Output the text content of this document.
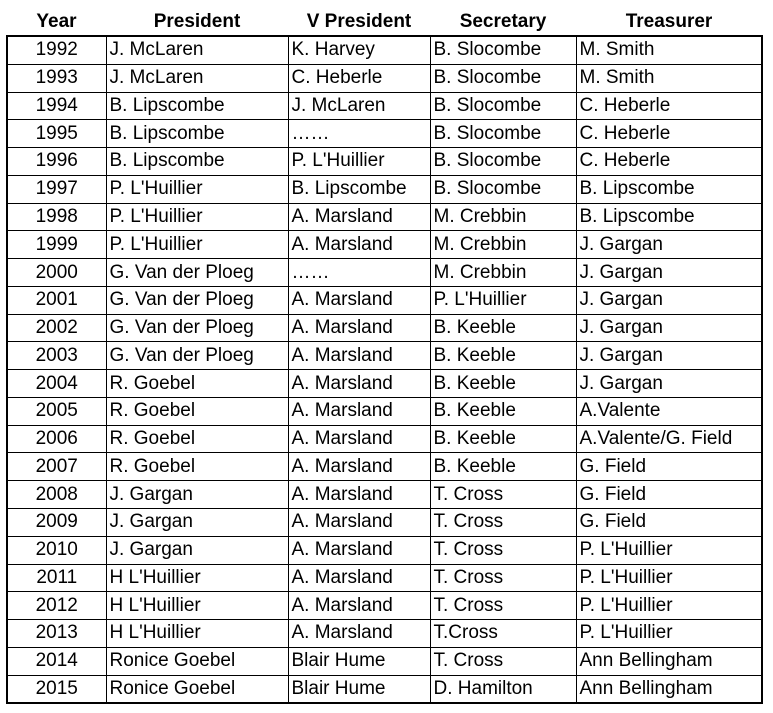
Year	President	V President	Secretary	Treasurer
1992	J. McLaren	K. Harvey	B. Slocombe	M. Smith
1993	J. McLaren	C. Heberle	B. Slocombe	M. Smith
1994	B. Lipscombe	J. McLaren	B. Slocombe	C. Heberle
1995	B. Lipscombe	……	B. Slocombe	C. Heberle
1996	B. Lipscombe	P. L'Huillier	B. Slocombe	C. Heberle
1997	P. L'Huillier	B. Lipscombe	B. Slocombe	B. Lipscombe
1998	P. L'Huillier	A. Marsland	M. Crebbin	B. Lipscombe
1999	P. L'Huillier	A. Marsland	M. Crebbin	J. Gargan
2000	G. Van der Ploeg	……	M. Crebbin	J. Gargan
2001	G. Van der Ploeg	A. Marsland	P. L'Huillier	J. Gargan
2002	G. Van der Ploeg	A. Marsland	B. Keeble	J. Gargan
2003	G. Van der Ploeg	A. Marsland	B. Keeble	J. Gargan
2004	R. Goebel	A. Marsland	B. Keeble	J. Gargan
2005	R. Goebel	A. Marsland	B. Keeble	A.Valente
2006	R. Goebel	A. Marsland	B. Keeble	A.Valente/G. Field
2007	R. Goebel	A. Marsland	B. Keeble	G. Field
2008	J. Gargan	A. Marsland	T. Cross	G. Field
2009	J. Gargan	A. Marsland	T. Cross	G. Field
2010	J. Gargan	A. Marsland	T. Cross	P. L'Huillier
2011	H L'Huillier	A. Marsland	T. Cross	P. L'Huillier
2012	H L'Huillier	A. Marsland	T. Cross	P. L'Huillier
2013	H L'Huillier	A. Marsland	T.Cross	P. L'Huillier
2014	Ronice Goebel	Blair Hume	T. Cross	Ann Bellingham
2015	Ronice Goebel	Blair Hume	D. Hamilton	Ann Bellingham
